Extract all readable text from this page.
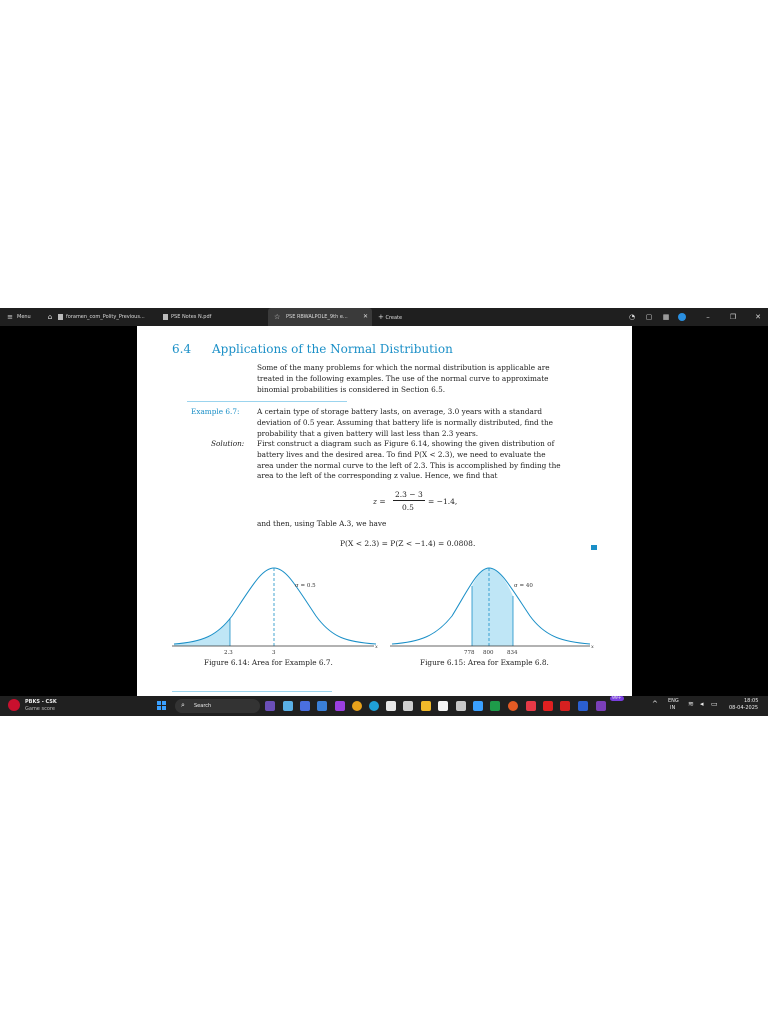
≡ Menu ⌂	foramen_com_Polity_Previous...	PSE Notes N.pdf	☆ PSE RBWALPOLE_9th e...	✕ + Create	◔ ▢ ▦	–	❐	✕
6.4 Applications of the Normal Distribution
Some of the many problems for which the normal distribution is applicable are
treated in the following examples. The use of the normal curve to approximate
binomial probabilities is considered in Section 6.5.
Example 6.7: A certain type of storage battery lasts, on average, 3.0 years with a standard
deviation of 0.5 year. Assuming that battery life is normally distributed, find the
probability that a given battery will last less than 2.3 years.
Solution: First construct a diagram such as Figure 6.14, showing the given distribution of
battery lives and the desired area. To find P(X < 2.3), we need to evaluate the
area under the normal curve to the left of 2.3. This is accomplished by finding the
area to the left of the corresponding z value. Hence, we find that
z =
2.3 − 3
0.5
= −1.4,
and then, using Table A.3, we have
P(X < 2.3) = P(Z < −1.4) = 0.0808.
σ = 0.5
2.3	3
x
Figure 6.14: Area for Example 6.7.
σ = 40
778 800 834
x
Figure 6.15: Area for Example 6.8.
PBKS - CSK
Game score	⌕ Search
99+
^ ENG
IN ≋ ◂ ▭	18:05
08-04-2025
